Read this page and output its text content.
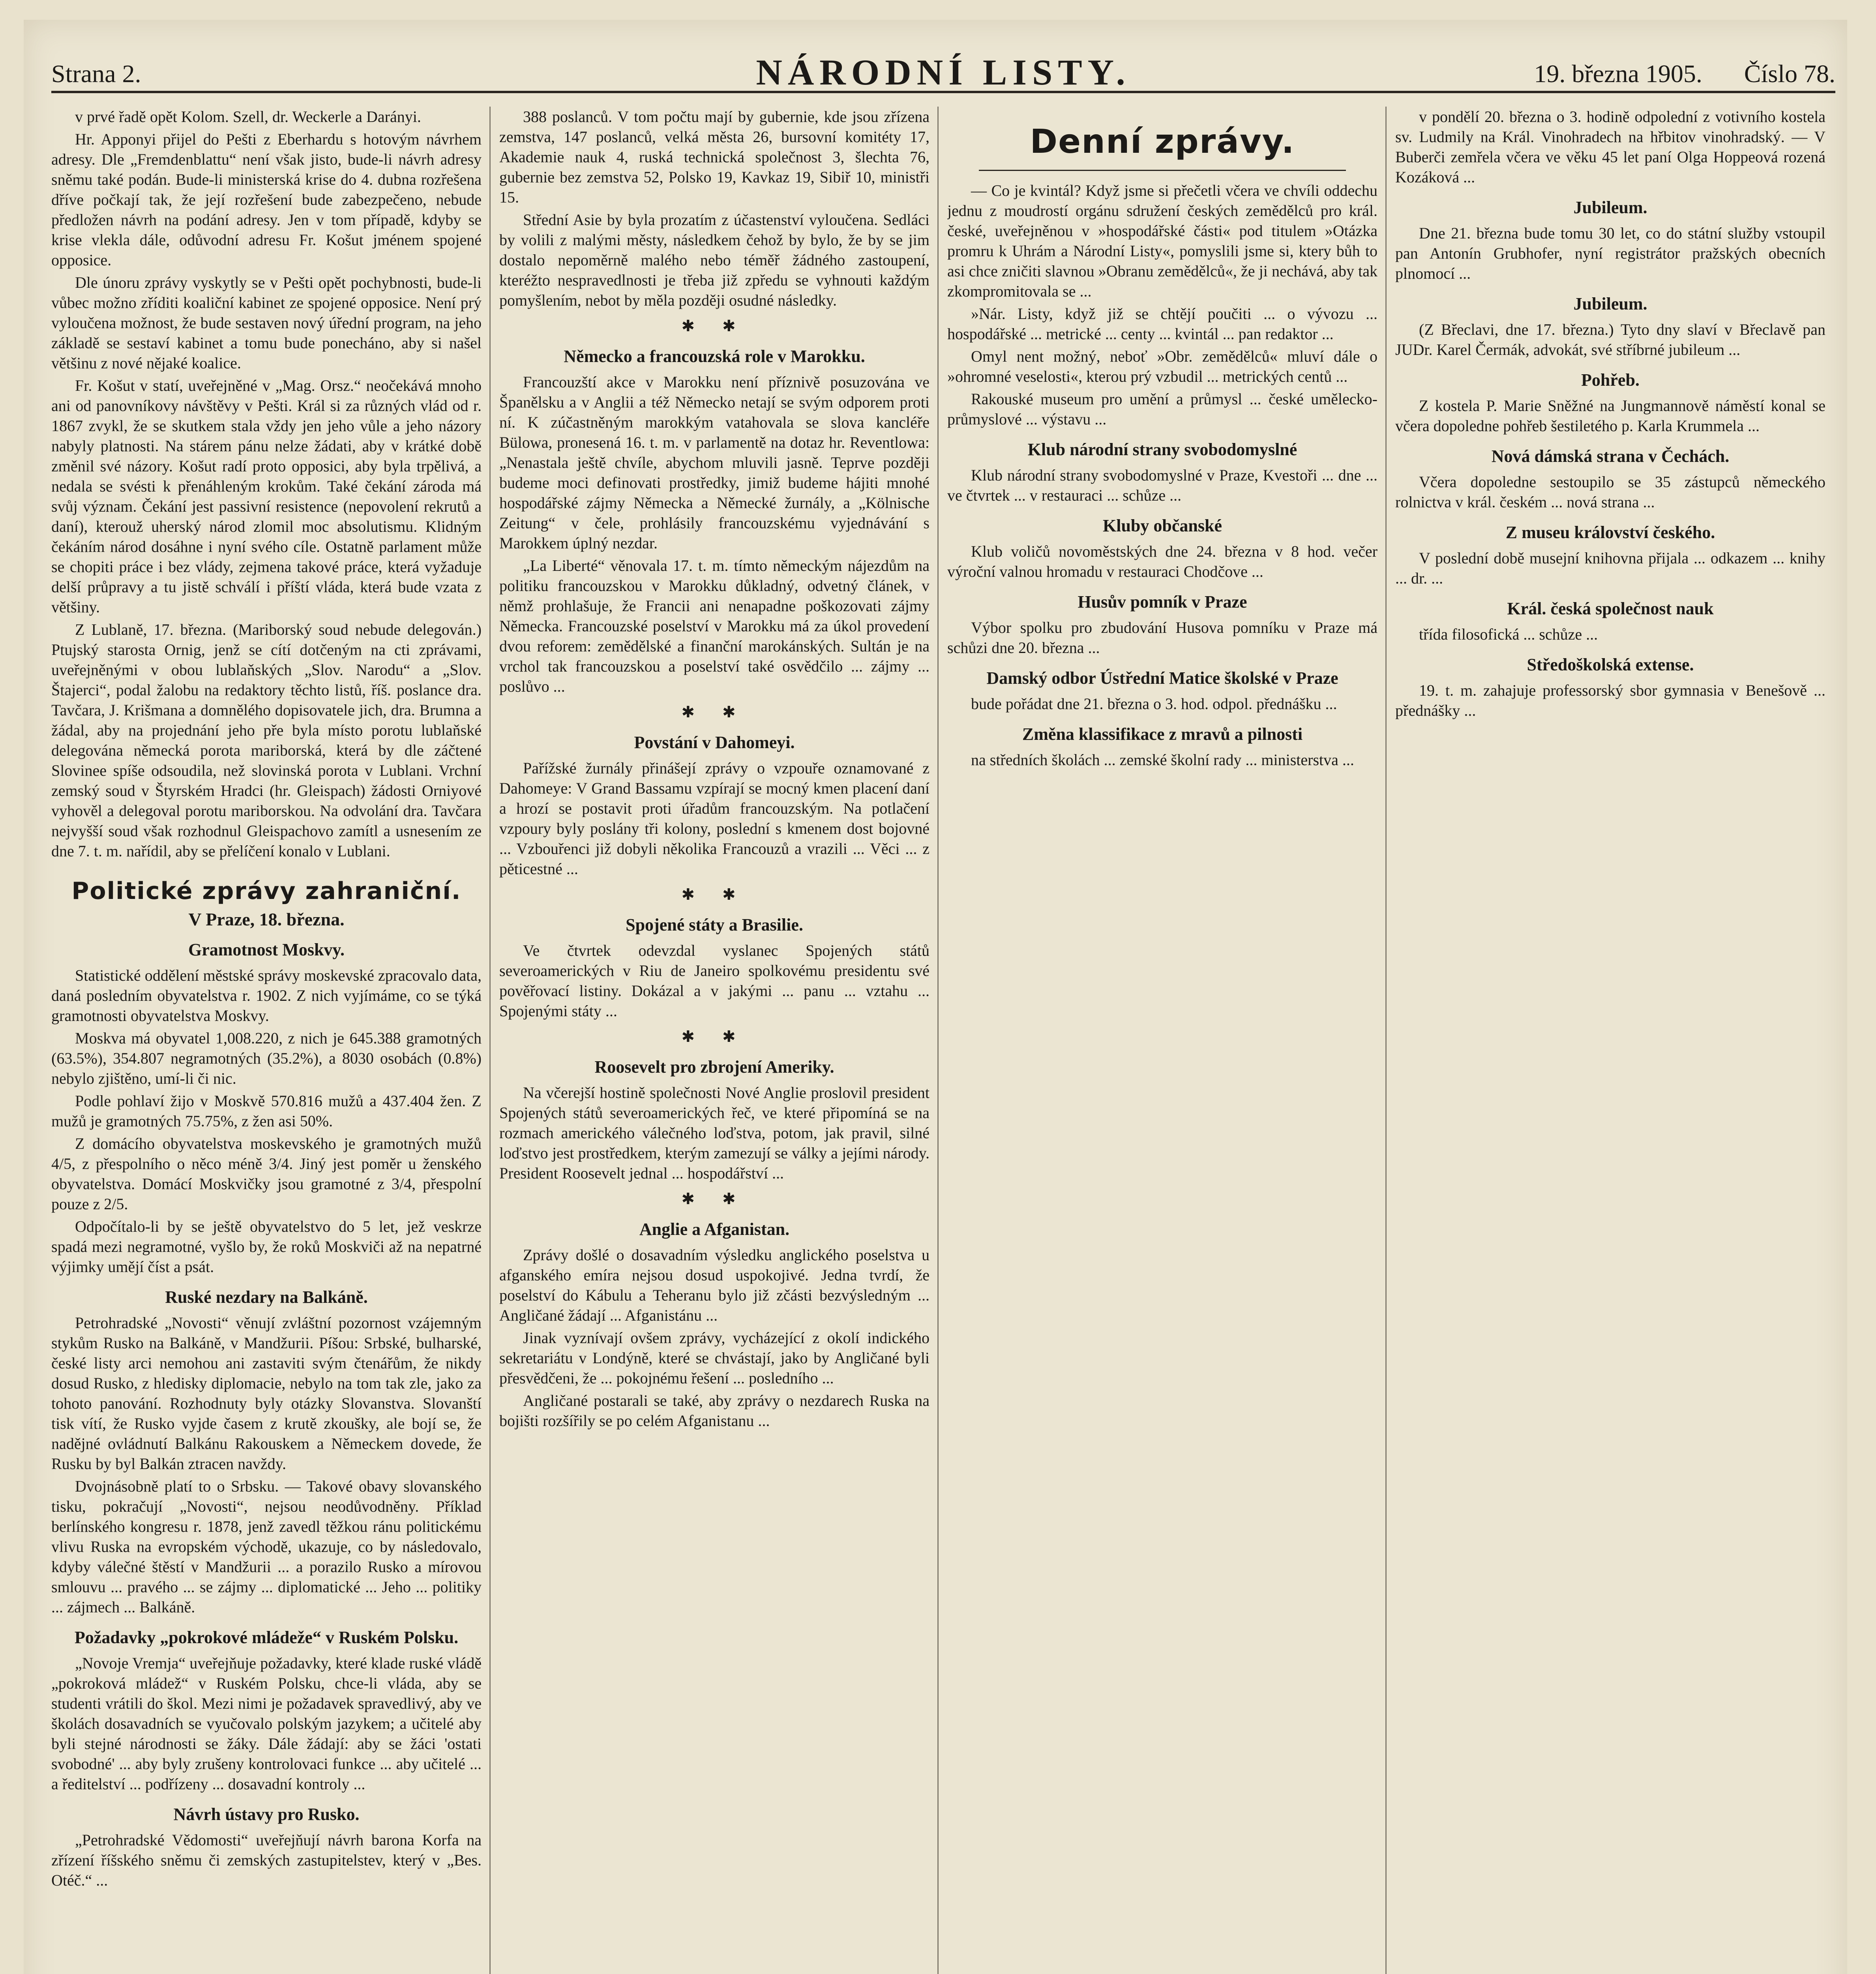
Strana 2.	NÁRODNÍ LISTY.	19. března 1905. Číslo 78.

v prvé řadě opět Kolom. Szell, dr. Weckerle a Darányi.

Hr. Apponyi přijel do Pešti z Eberhardu s hotovým návrhem adresy. Dle „Fremdenblattu“ není však jisto, bude-li návrh adresy sněmu také podán. Bude-li ministerská krise do 4. dubna rozřešena dříve počkají tak, že její rozřešení bude zabezpečeno, nebude předložen návrh na podání adresy. Jen v tom případě, kdyby se krise vlekla dále, odůvodní adresu Fr. Košut jménem spojené opposice.

Dle únoru zprávy vyskytly se v Pešti opět pochybnosti, bude-li vůbec možno zříditi koaliční kabinet ze spojené opposice. Není prý vyloučena možnost, že bude sestaven nový úřední program, na jeho základě se sestaví kabinet a tomu bude ponecháno, aby si našel většinu z nové nějaké koalice.

Fr. Košut v statí, uveřejněné v „Mag. Orsz.“ neočekává mnoho ani od panovníkovy návštěvy v Pešti. Král si za různých vlád od r. 1867 zvykl, že se skutkem stala vždy jen jeho vůle a jeho názory nabyly platnosti. Na stárem pánu nelze žádati, aby v krátké době změnil své názory. Košut radí proto opposici, aby byla trpělivá, a nedala se svésti k přenáhleným krokům. Také čekání zároda má svůj význam. Čekání jest passivní resistence (nepovolení rekrutů a daní), kterouž uherský národ zlomil moc absolutismu. Klidným čekáním národ dosáhne i nyní svého cíle. Ostatně parlament může se chopiti práce i bez vlády, zejmena takové práce, která vyžaduje delší průpravy a tu jistě schválí i příští vláda, která bude vzata z většiny.

Z Lublaně, 17. března. (Mariborský soud nebude delegován.) Ptujský starosta Ornig, jenž se cítí dotčeným na cti zprávami, uveřejněnými v obou lublaňských „Slov. Narodu“ a „Slov. Štajerci“, podal žalobu na redaktory těchto listů, říš. poslance dra. Tavčara, J. Krišmana a domnělého dopisovatele jich, dra. Brumna a žádal, aby na projednání jeho pře byla místo porotu lublaňské delegována německá porota mariborská, která by dle záčtené Slovinee spíše odsoudila, než slovinská porota v Lublani. Vrchní zemský soud v Štyrském Hradci (hr. Gleispach) žádosti Orniyové vyhověl a delegoval porotu mariborskou. Na odvolání dra. Tavčara nejvyšší soud však rozhodnul Gleispachovo zamítl a usnesením ze dne 7. t. m. nařídil, aby se přelíčení konalo v Lublani.

Politické zprávy zahraniční.
V Praze, 18. března.
Gramotnost Moskvy.

Statistické oddělení městské správy moskevské zpracovalo data, daná posledním obyvatelstva r. 1902. Z nich vyjímáme, co se týká gramotnosti obyvatelstva Moskvy.

Moskva má obyvatel 1,008.220, z nich je 645.388 gramotných (63.5%), 354.807 negramotných (35.2%), a 8030 osobách (0.8%) nebylo zjištěno, umí-li či nic.

Podle pohlaví žijo v Moskvě 570.816 mužů a 437.404 žen. Z mužů je gramotných 75.75%, z žen asi 50%.

Z domácího obyvatelstva moskevského je gramotných mužů 4/5, z přespolního o něco méně 3/4. Jiný jest poměr u ženského obyvatelstva. Domácí Moskvičky jsou gramotné z 3/4, přespolní pouze z 2/5.

Odpočítalo-li by se ještě obyvatelstvo do 5 let, jež veskrze spadá mezi negramotné, vyšlo by, že roků Moskviči až na nepatrné výjimky umějí číst a psát.

Ruské nezdary na Balkáně.

Petrohradské „Novosti“ věnují zvláštní pozornost vzájemným stykům Rusko na Balkáně, v Mandžurii. Píšou: Srbské, bulharské, české listy arci nemohou ani zastaviti svým čtenářům, že nikdy dosud Rusko, z hledisky diplomacie, nebylo na tom tak zle, jako za tohoto panování. Rozhodnuty byly otázky Slovanstva. Slovanští tisk vítí, že Rusko vyjde časem z krutě zkoušky, ale bojí se, že nadějné ovládnutí Balkánu Rakouskem a Německem dovede, že Rusku by byl Balkán ztracen navždy.

Dvojnásobně platí to o Srbsku. — Takové obavy slovanského tisku, pokračují „Novosti“, nejsou neodůvodněny. Příklad berlínského kongresu r. 1878, jenž zavedl těžkou ránu politickému vlivu Ruska na evropském východě, ukazuje, co by následovalo, kdyby válečné štěstí v Mandžurii ... a porazilo Rusko a mírovou smlouvu ... pravého ... se zájmy ... diplomatické ... Jeho ... politiky ... zájmech ... Balkáně.

Požadavky „pokrokové mládeže“ v Ruském Polsku.

„Novoje Vremja“ uveřejňuje požadavky, které klade ruské vládě „pokroková mládež“ v Ruském Polsku, chce-li vláda, aby se studenti vrátili do škol. Mezi nimi je požadavek spravedlivý, aby ve školách dosavadních se vyučovalo polským jazykem; a učitelé aby byli stejné národnosti se žáky. Dále žádají: aby se žáci 'ostati svobodné' ... aby byly zrušeny kontrolovaci funkce ... aby učitelé ... a ředitelství ... podřízeny ... dosavadní kontroly ...

Návrh ústavy pro Rusko.

„Petrohradské Vědomosti“ uveřejňují návrh barona Korfa na zřízení říšského sněmu či zemských zastupitelstev, který v „Bes. Otéč.“ ...

388 poslanců. V tom počtu mají by gubernie, kde jsou zřízena zemstva, 147 poslanců, velká města 26, bursovní komitéty 17, Akademie nauk 4, ruská technická společnost 3, šlechta 76, gubernie bez zemstva 52, Polsko 19, Kavkaz 19, Sibiř 10, ministři 15.

Střední Asie by byla prozatím z účastenství vyloučena. Sedláci by volili z malými městy, následkem čehož by bylo, že by se jim dostalo nepoměrně malého nebo téměř žádného zastoupení, kteréžto nespravedlnosti je třeba již zpředu se vyhnouti každým pomyšlením, nebot by měla později osudné následky.

✱ ✱
Německo a francouzská role v Marokku.

Francouzští akce v Marokku není příznivě posuzována ve Španělsku a v Anglii a též Německo netají se svým odporem proti ní. K zúčastněným marokkým vatahovala se slova kancléře Bülowa, pronesená 16. t. m. v parlamentě na dotaz hr. Reventlowa: „Nenastala ještě chvíle, abychom mluvili jasně. Teprve později budeme moci definovati prostředky, jimiž budeme hájiti mnohé hospodářské zájmy Německa a Německé žurnály, a „Kölnische Zeitung“ v čele, prohlásily francouzskému vyjednávání s Marokkem úplný nezdar.

„La Liberté“ věnovala 17. t. m. tímto německým nájezdům na politiku francouzskou v Marokku důkladný, odvetný článek, v němž prohlašuje, že Francii ani nenapadne poškozovati zájmy Německa. Francouzské poselství v Marokku má za úkol provedení dvou reforem: zemědělské a finanční marokánských. Sultán je na vrchol tak francouzskou a poselství také osvědčilo ... zájmy ... poslůvo ...

✱ ✱
Povstání v Dahomeyi.

Pařížské žurnály přinášejí zprávy o vzpouře oznamované z Dahomeye: V Grand Bassamu vzpírají se mocný kmen placení daní a hrozí se postavit proti úřadům francouzským. Na potlačení vzpoury byly poslány tři kolony, poslední s kmenem dost bojovné ... Vzbouřenci již dobyli několika Francouzů a vrazili ... Věci ... z pěticestné ...

✱ ✱
Spojené státy a Brasilie.

Ve čtvrtek odevzdal vyslanec Spojených států severoamerických v Riu de Janeiro spolkovému presidentu své pověřovací listiny. Dokázal a v jakými ... panu ... vztahu ... Spojenými státy ...

✱ ✱
Roosevelt pro zbrojení Ameriky.

Na včerejší hostině společnosti Nové Anglie proslovil president Spojených států severoamerických řeč, ve které připomíná se na rozmach amerického válečného loďstva, potom, jak pravil, silné loďstvo jest prostředkem, kterým zamezují se války a jejími národy. President Roosevelt jednal ... hospodářství ...

✱ ✱
Anglie a Afganistan.

Zprávy došlé o dosavadním výsledku anglického poselstva u afganského emíra nejsou dosud uspokojivé. Jedna tvrdí, že poselství do Kábulu a Teheranu bylo již zčásti bezvýsledným ... Angličané žádají ... Afganistánu ...

Jinak vyznívají ovšem zprávy, vycházející z okolí indického sekretariátu v Londýně, které se chvástají, jako by Angličané byli přesvědčeni, že ... pokojnému řešení ... posledního ...

Angličané postarali se také, aby zprávy o nezdarech Ruska na bojišti rozšířily se po celém Afganistanu ...

Denní zprávy.

— Co je kvintál? Když jsme si přečetli včera ve chvíli oddechu jednu z moudrostí orgánu sdružení českých zemědělců pro král. české, uveřejněnou v »hospodářské části« pod titulem »Otázka promru k Uhrám a Národní Listy«, pomyslili jsme si, ktery bůh to asi chce zničiti slavnou »Obranu zemědělců«, že ji nechává, aby tak zkompromitovala se ...

»Nár. Listy, když již se chtějí poučiti ... o vývozu ... hospodářské ... metrické ... centy ... kvintál ... pan redaktor ...

Omyl nent možný, neboť »Obr. zemědělců« mluví dále o »ohromné veselosti«, kterou prý vzbudil ... metrických centů ...

Rakouské museum pro umění a průmysl ... české umělecko-průmyslové ... výstavu ...

Klub národní strany svobodomyslné

Klub národní strany svobodomyslné v Praze, Kvestoři ... dne ... ve čtvrtek ... v restauraci ... schůze ...

Kluby občanské

Klub voličů novoměstských dne 24. března v 8 hod. večer výroční valnou hromadu v restauraci Chodčove ...

Husův pomník v Praze

Výbor spolku pro zbudování Husova pomníku v Praze má schůzi dne 20. března ...

Damský odbor Ústřední Matice školské v Praze

bude pořádat dne 21. března o 3. hod. odpol. přednášku ...

Změna klassifikace z mravů a pilnosti

na středních školách ... zemské školní rady ... ministerstva ...

v pondělí 20. března o 3. hodině odpolední z votivního kostela sv. Ludmily na Král. Vinohradech na hřbitov vinohradský. — V Buberči zemřela včera ve věku 45 let paní Olga Hoppeová rozená Kozáková ...

Jubileum.

Dne 21. března bude tomu 30 let, co do státní služby vstoupil pan Antonín Grubhofer, nyní registrátor pražských obecních plnomocí ...

Jubileum.

(Z Břeclavi, dne 17. března.) Tyto dny slaví v Břeclavě pan JUDr. Karel Čermák, advokát, své stříbrné jubileum ...

Pohřeb.

Z kostela P. Marie Sněžné na Jungmannově náměstí konal se včera dopoledne pohřeb šestiletého p. Karla Krummela ...

Nová dámská strana v Čechách.

Včera dopoledne sestoupilo se 35 zástupců německého rolnictva v král. českém ... nová strana ...

Z museu království českého.

V poslední době musejní knihovna přijala ... odkazem ... knihy ... dr. ...

Král. česká společnost nauk

třída filosofická ... schůze ...

Středoškolská extense.

19. t. m. zahajuje professorský sbor gymnasia v Benešově ... přednášky ...
